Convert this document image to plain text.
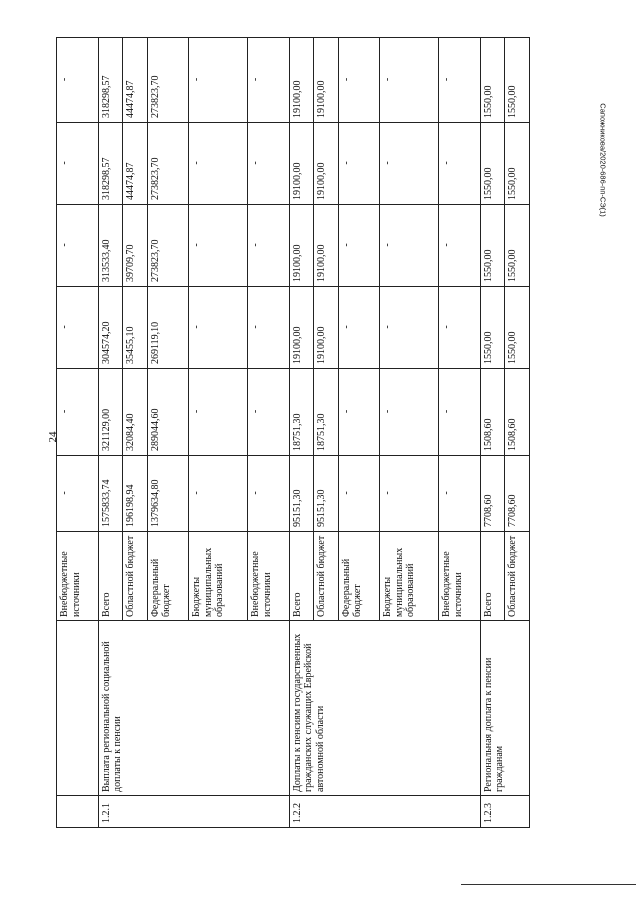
24
Сапожникова/2020-686-пп-СЭ(1)
		Внебюджетные источники	-	-	-	-	-	-
1.2.1	Выплата региональной социальной доплаты к пенсии	Всего	1575833,74	321129,00	304574,20	313533,40	318298,57	318298,57
		Областной бюджет	196198,94	32084,40	35455,10	39709,70	44474,87	44474,87
		Федеральный бюджет	1379634,80	289044,60	269119,10	273823,70	273823,70	273823,70
		Бюджеты муниципальных образований	-	-	-	-	-	-
		Внебюджетные источники	-	-	-	-	-	-
1.2.2	Доплаты к пенсиям государственных гражданских служащих Еврейской автономной области	Всего	95151,30	18751,30	19100,00	19100,00	19100,00	19100,00
		Областной бюджет	95151,30	18751,30	19100,00	19100,00	19100,00	19100,00
		Федеральный бюджет	-	-	-	-	-	-
		Бюджеты муниципальных образований	-	-	-	-	-	-
		Внебюджетные источники	-	-	-	-	-	-
1.2.3	Региональная доплата к пенсии гражданам	Всего	7708,60	1508,60	1550,00	1550,00	1550,00	1550,00
		Областной бюджет	7708,60	1508,60	1550,00	1550,00	1550,00	1550,00
